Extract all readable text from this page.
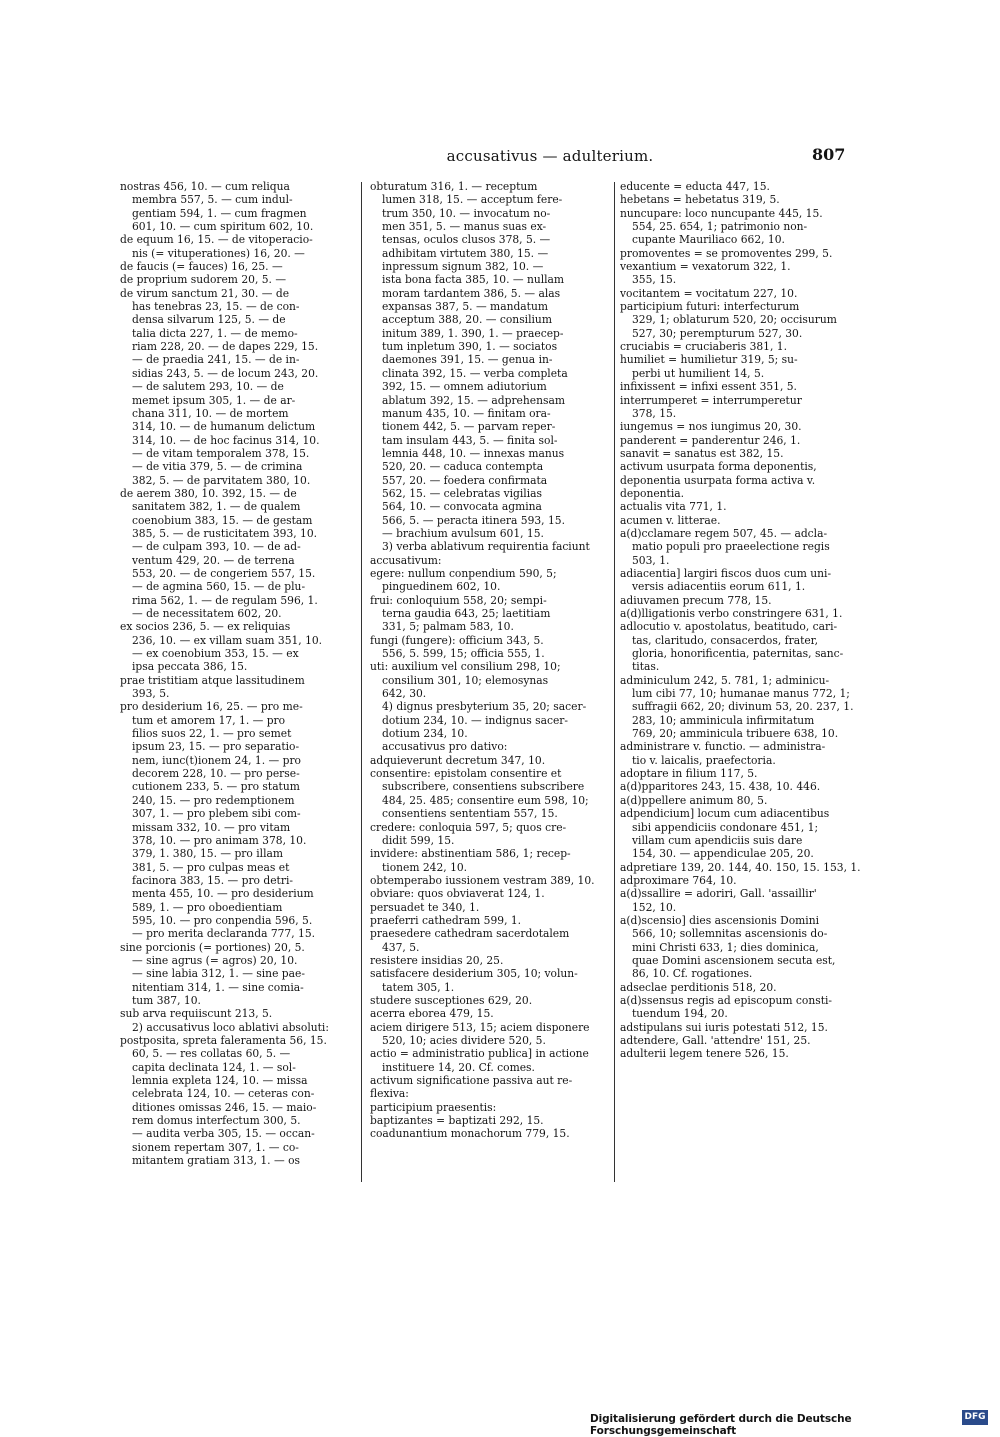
accusativus — adulterium.	807
nostras 456, 10. — cum reliqua
membra 557, 5. — cum indul-
gentiam 594, 1. — cum fragmen
601, 10. — cum spiritum 602, 10.
de equum 16, 15. — de vitoperacio-
nis (= vituperationes) 16, 20. —
de faucis (= fauces) 16, 25. —
de proprium sudorem 20, 5. —
de virum sanctum 21, 30. — de
has tenebras 23, 15. — de con-
densa silvarum 125, 5. — de
talia dicta 227, 1. — de memo-
riam 228, 20. — de dapes 229, 15.
— de praedia 241, 15. — de in-
sidias 243, 5. — de locum 243, 20.
— de salutem 293, 10. — de
memet ipsum 305, 1. — de ar-
chana 311, 10. — de mortem
314, 10. — de humanum delictum
314, 10. — de hoc facinus 314, 10.
— de vitam temporalem 378, 15.
— de vitia 379, 5. — de crimina
382, 5. — de parvitatem 380, 10.
de aerem 380, 10. 392, 15. — de
sanitatem 382, 1. — de qualem
coenobium 383, 15. — de gestam
385, 5. — de rusticitatem 393, 10.
— de culpam 393, 10. — de ad-
ventum 429, 20. — de terrena
553, 20. — de congeriem 557, 15.
— de agmina 560, 15. — de plu-
rima 562, 1. — de regulam 596, 1.
— de necessitatem 602, 20.
ex socios 236, 5. — ex reliquias
236, 10. — ex villam suam 351, 10.
— ex coenobium 353, 15. — ex
ipsa peccata 386, 15.
prae tristitiam atque lassitudinem
393, 5.
pro desiderium 16, 25. — pro me-
tum et amorem 17, 1. — pro
filios suos 22, 1. — pro semet
ipsum 23, 15. — pro separatio-
nem, iunc(t)ionem 24, 1. — pro
decorem 228, 10. — pro perse-
cutionem 233, 5. — pro statum
240, 15. — pro redemptionem
307, 1. — pro plebem sibi com-
missam 332, 10. — pro vitam
378, 10. — pro animam 378, 10.
379, 1. 380, 15. — pro illam
381, 5. — pro culpas meas et
facinora 383, 15. — pro detri-
menta 455, 10. — pro desiderium
589, 1. — pro oboedientiam
595, 10. — pro conpendia 596, 5.
— pro merita declaranda 777, 15.
sine porcionis (= portiones) 20, 5.
— sine agrus (= agros) 20, 10.
— sine labia 312, 1. — sine pae-
nitentiam 314, 1. — sine comia-
tum 387, 10.
sub arva requiiscunt 213, 5.
2) accusativus loco ablativi absoluti:
postposita, spreta faleramenta 56, 15.
60, 5. — res collatas 60, 5. —
capita declinata 124, 1. — sol-
lemnia expleta 124, 10. — missa
celebrata 124, 10. — ceteras con-
ditiones omissas 246, 15. — maio-
rem domus interfectum 300, 5.
— audita verba 305, 15. — occan-
sionem repertam 307, 1. — co-
mitantem gratiam 313, 1. — os
obturatum 316, 1. — receptum
lumen 318, 15. — acceptum fere-
trum 350, 10. — invocatum no-
men 351, 5. — manus suas ex-
tensas, oculos clusos 378, 5. —
adhibitam virtutem 380, 15. —
inpressum signum 382, 10. —
ista bona facta 385, 10. — nullam
moram tardantem 386, 5. — alas
expansas 387, 5. — mandatum
acceptum 388, 20. — consilium
initum 389, 1. 390, 1. — praecep-
tum inpletum 390, 1. — sociatos
daemones 391, 15. — genua in-
clinata 392, 15. — verba completa
392, 15. — omnem adiutorium
ablatum 392, 15. — adprehensam
manum 435, 10. — finitam ora-
tionem 442, 5. — parvam reper-
tam insulam 443, 5. — finita sol-
lemnia 448, 10. — innexas manus
520, 20. — caduca contempta
557, 20. — foedera confirmata
562, 15. — celebratas vigilias
564, 10. — convocata agmina
566, 5. — peracta itinera 593, 15.
— brachium avulsum 601, 15.
3) verba ablativum requirentia faciunt
accusativum:
egere: nullum conpendium 590, 5;
pinguedinem 602, 10.
frui: conloquium 558, 20; sempi-
terna gaudia 643, 25; laetitiam
331, 5; palmam 583, 10.
fungi (fungere): officium 343, 5.
556, 5. 599, 15; officia 555, 1.
uti: auxilium vel consilium 298, 10;
consilium 301, 10; elemosynas
642, 30.
4) dignus presbyterium 35, 20; sacer-
dotium 234, 10. — indignus sacer-
dotium 234, 10.
accusativus pro dativo:
adquieverunt decretum 347, 10.
consentire: epistolam consentire et
subscribere, consentiens subscribere
484, 25. 485; consentire eum 598, 10;
consentiens sententiam 557, 15.
credere: conloquia 597, 5; quos cre-
didit 599, 15.
invidere: abstinentiam 586, 1; recep-
tionem 242, 10.
obtemperabo iussionem vestram 389, 10.
obviare: quos obviaverat 124, 1.
persuadet te 340, 1.
praeferri cathedram 599, 1.
praesedere cathedram sacerdotalem
437, 5.
resistere insidias 20, 25.
satisfacere desiderium 305, 10; volun-
tatem 305, 1.
studere susceptiones 629, 20.
acerra eborea 479, 15.
aciem dirigere 513, 15; aciem disponere
520, 10; acies dividere 520, 5.
actio = administratio publica] in actione
instituere 14, 20. Cf. comes.
activum significatione passiva aut re-
flexiva:
participium praesentis:
baptizantes = baptizati 292, 15.
coadunantium monachorum 779, 15.
educente = educta 447, 15.
hebetans = hebetatus 319, 5.
nuncupare: loco nuncupante 445, 15.
554, 25. 654, 1; patrimonio non-
cupante Mauriliaco 662, 10.
promoventes = se promoventes 299, 5.
vexantium = vexatorum 322, 1.
355, 15.
vocitantem = vocitatum 227, 10.
participium futuri: interfecturum
329, 1; oblaturum 520, 20; occisurum
527, 30; perempturum 527, 30.
cruciabis = cruciaberis 381, 1.
humiliet = humilietur 319, 5; su-
perbi ut humilient 14, 5.
infixissent = infixi essent 351, 5.
interrumperet = interrumperetur
378, 15.
iungemus = nos iungimus 20, 30.
panderent = panderentur 246, 1.
sanavit = sanatus est 382, 15.
activum usurpata forma deponentis,
deponentia usurpata forma activa v.
deponentia.
actualis vita 771, 1.
acumen v. litterae.
a(d)cclamare regem 507, 45. — adcla-
matio populi pro praeelectione regis
503, 1.
adiacentia] largiri fiscos duos cum uni-
versis adiacentiis eorum 611, 1.
adiuvamen precum 778, 15.
a(d)lligationis verbo constringere 631, 1.
adlocutio v. apostolatus, beatitudo, cari-
tas, claritudo, consacerdos, frater,
gloria, honorificentia, paternitas, sanc-
titas.
adminiculum 242, 5. 781, 1; adminicu-
lum cibi 77, 10; humanae manus 772, 1;
suffragii 662, 20; divinum 53, 20. 237, 1.
283, 10; amminicula infirmitatum
769, 20; amminicula tribuere 638, 10.
administrare v. functio. — administra-
tio v. laicalis, praefectoria.
adoptare in filium 117, 5.
a(d)pparitores 243, 15. 438, 10. 446.
a(d)ppellere animum 80, 5.
adpendicium] locum cum adiacentibus
sibi appendiciis condonare 451, 1;
villam cum apendiciis suis dare
154, 30. — appendiculae 205, 20.
adpretiare 139, 20. 144, 40. 150, 15. 153, 1.
adproximare 764, 10.
a(d)ssallire = adoriri, Gall. 'assaillir'
152, 10.
a(d)scensio] dies ascensionis Domini
566, 10; sollemnitas ascensionis do-
mini Christi 633, 1; dies dominica,
quae Domini ascensionem secuta est,
86, 10. Cf. rogationes.
adseclae perditionis 518, 20.
a(d)ssensus regis ad episcopum consti-
tuendum 194, 20.
adstipulans sui iuris potestati 512, 15.
adtendere, Gall. 'attendre' 151, 25.
adulterii legem tenere 526, 15.
Digitalisierung gefördert durch die Deutsche Forschungsgemeinschaft
DFG
